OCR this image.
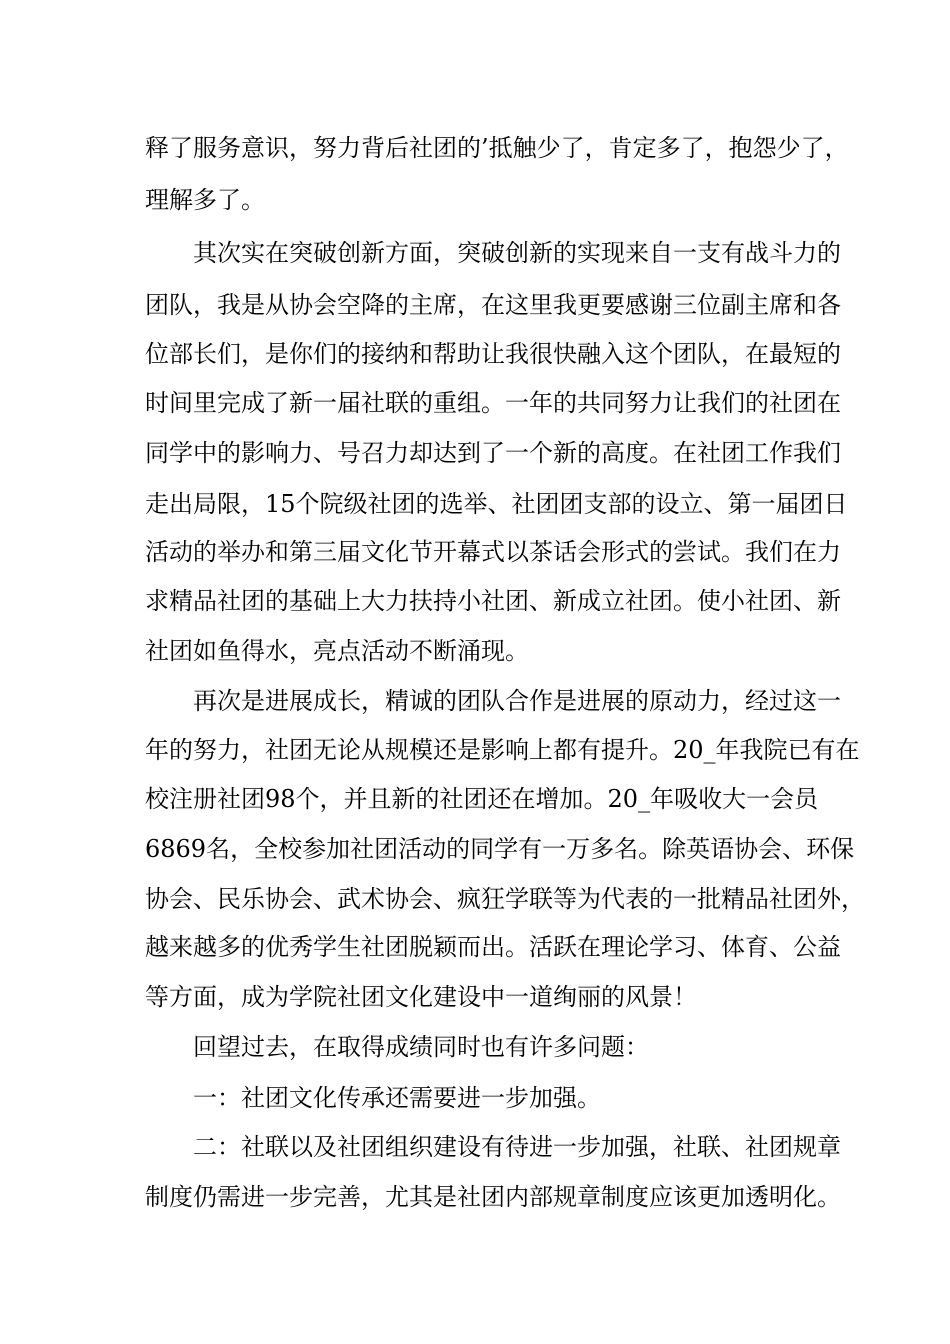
释了服务意识，努力背后社团的’抵触少了，肯定多了，抱怨少了，
理解多了。
其次实在突破创新方面，突破创新的实现来自一支有战斗力的
团队，我是从协会空降的主席，在这里我更要感谢三位副主席和各
位部长们，是你们的接纳和帮助让我很快融入这个团队，在最短的
时间里完成了新一届社联的重组。一年的共同努力让我们的社团在
同学中的影响力、号召力却达到了一个新的高度。在社团工作我们
走出局限，15个院级社团的选举、社团团支部的设立、第一届团日
活动的举办和第三届文化节开幕式以茶话会形式的尝试。我们在力
求精品社团的基础上大力扶持小社团、新成立社团。使小社团、新
社团如鱼得水，亮点活动不断涌现。
再次是进展成长，精诚的团队合作是进展的原动力，经过这一
年的努力，社团无论从规模还是影响上都有提升。20_年我院已有在
校注册社团98个，并且新的社团还在增加。20_年吸收大一会员
6869名，全校参加社团活动的同学有一万多名。除英语协会、环保
协会、民乐协会、武术协会、疯狂学联等为代表的一批精品社团外，
越来越多的优秀学生社团脱颖而出。活跃在理论学习、体育、公益
等方面，成为学院社团文化建设中一道绚丽的风景！
回望过去，在取得成绩同时也有许多问题：
一：社团文化传承还需要进一步加强。
二：社联以及社团组织建设有待进一步加强，社联、社团规章
制度仍需进一步完善，尤其是社团内部规章制度应该更加透明化。
